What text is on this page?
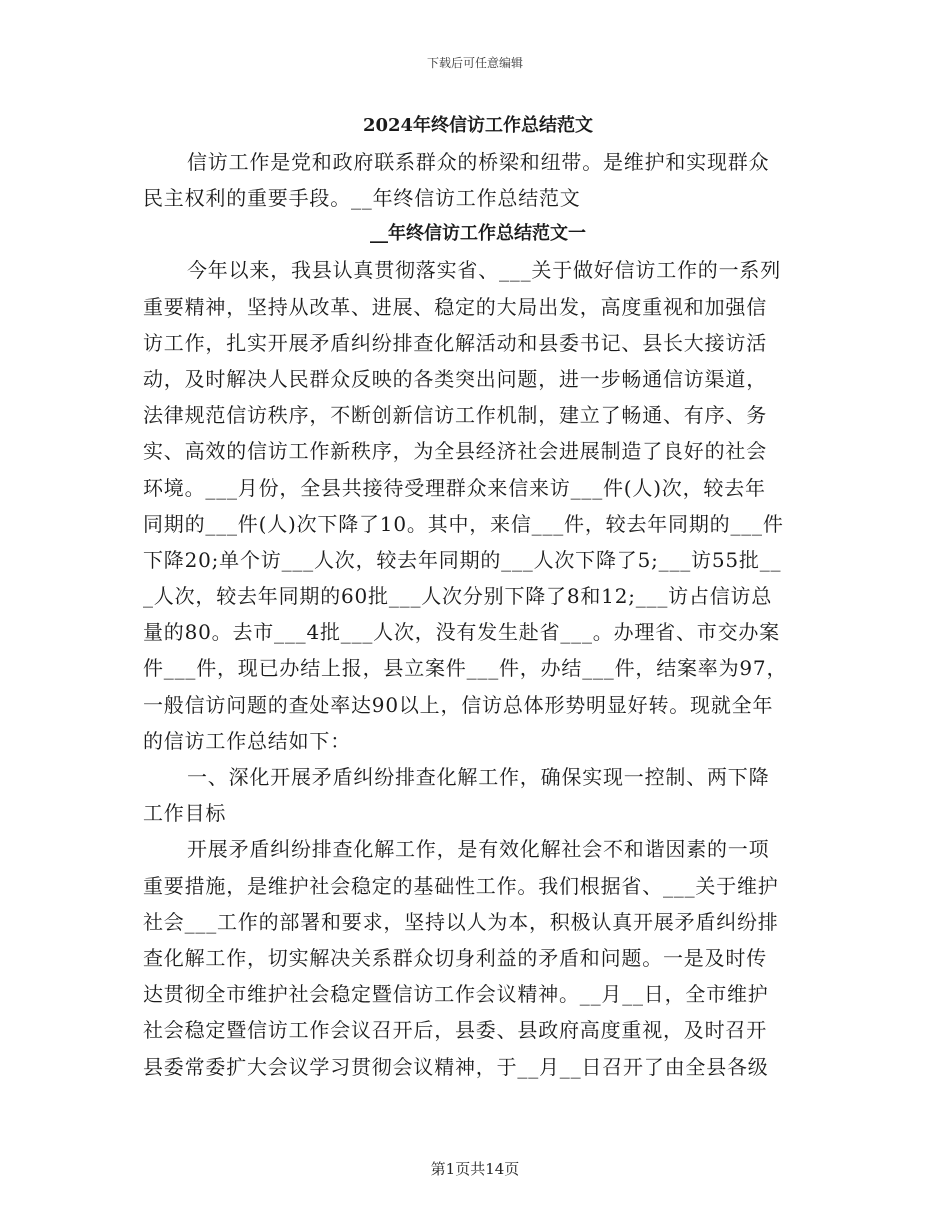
下载后可任意编辑
2024年终信访工作总结范文
信访工作是党和政府联系群众的桥梁和纽带。是维护和实现群众
民主权利的重要手段。__年终信访工作总结范文
__年终信访工作总结范文一
今年以来，我县认真贯彻落实省、___关于做好信访工作的一系列
重要精神，坚持从改革、进展、稳定的大局出发，高度重视和加强信
访工作，扎实开展矛盾纠纷排查化解活动和县委书记、县长大接访活
动，及时解决人民群众反映的各类突出问题，进一步畅通信访渠道，
法律规范信访秩序，不断创新信访工作机制，建立了畅通、有序、务
实、高效的信访工作新秩序，为全县经济社会进展制造了良好的社会
环境。___月份，全县共接待受理群众来信来访___件(人)次，较去年
同期的___件(人)次下降了10。其中，来信___件，较去年同期的___件
下降20;单个访___人次，较去年同期的___人次下降了5;___访55批__
_人次，较去年同期的60批___人次分别下降了8和12;___访占信访总
量的80。去市___4批___人次，没有发生赴省___。办理省、市交办案
件___件，现已办结上报，县立案件___件，办结___件，结案率为97，
一般信访问题的查处率达90以上，信访总体形势明显好转。现就全年
的信访工作总结如下：
一、深化开展矛盾纠纷排查化解工作，确保实现一控制、两下降
工作目标
开展矛盾纠纷排查化解工作，是有效化解社会不和谐因素的一项
重要措施，是维护社会稳定的基础性工作。我们根据省、___关于维护
社会___工作的部署和要求，坚持以人为本，积极认真开展矛盾纠纷排
查化解工作，切实解决关系群众切身利益的矛盾和问题。一是及时传
达贯彻全市维护社会稳定暨信访工作会议精神。__月__日，全市维护
社会稳定暨信访工作会议召开后，县委、县政府高度重视，及时召开
县委常委扩大会议学习贯彻会议精神，于__月__日召开了由全县各级
第1页共14页
